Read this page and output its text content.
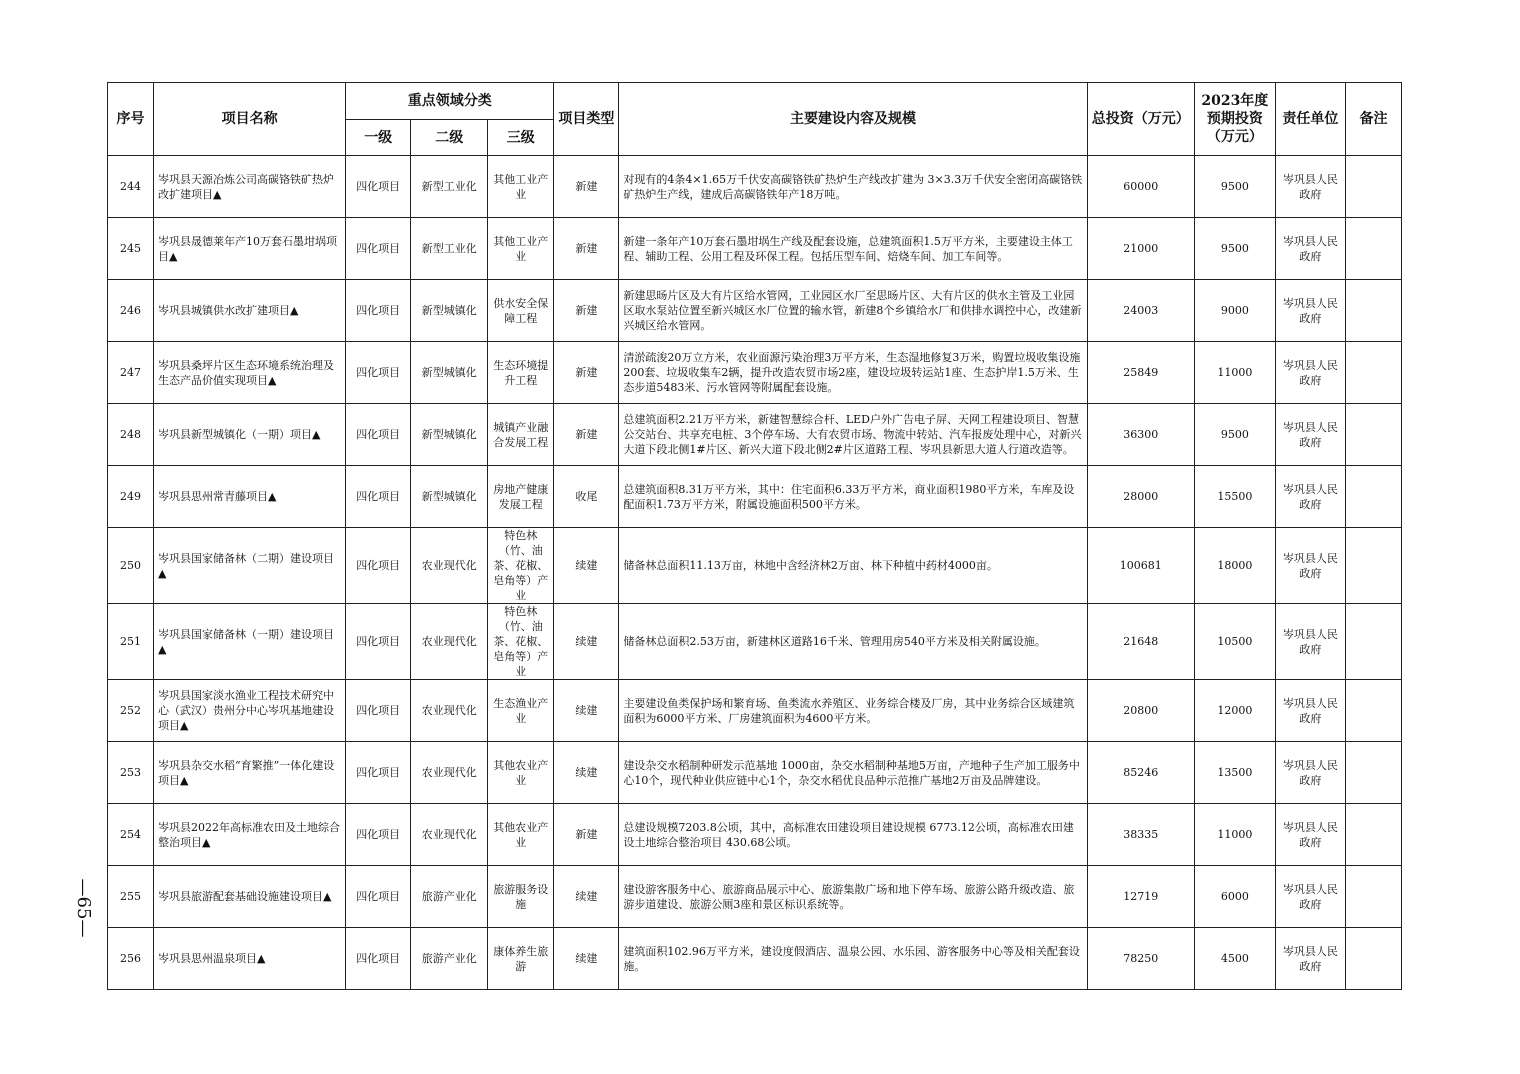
序号	项目名称	重点领域分类			项目类型	主要建设内容及规模	总投资（万元）	2023年度预期投资（万元）	责任单位	备注
		一级	二级	三级						
244	岑巩县天源冶炼公司高碳铬铁矿热炉改扩建项目▲	四化项目	新型工业化	其他工业产业	新建	对现有的4条4×1.65万千伏安高碳铬铁矿热炉生产线改扩建为 3×3.3万千伏安全密闭高碳铬铁矿热炉生产线，建成后高碳铬铁年产18万吨。	60000	9500	岑巩县人民政府	
245	岑巩县晟德莱年产10万套石墨坩埚项目▲	四化项目	新型工业化	其他工业产业	新建	新建一条年产10万套石墨坩埚生产线及配套设施，总建筑面积1.5万平方米，主要建设主体工程、辅助工程、公用工程及环保工程。包括压型车间、焙烧车间、加工车间等。	21000	9500	岑巩县人民政府	
246	岑巩县城镇供水改扩建项目▲	四化项目	新型城镇化	供水安全保障工程	新建	新建思旸片区及大有片区给水管网，工业园区水厂至思旸片区、大有片区的供水主管及工业园区取水泵站位置至新兴城区水厂位置的输水管，新建8个乡镇给水厂和供排水调控中心，改建新兴城区给水管网。	24003	9000	岑巩县人民政府	
247	岑巩县桑坪片区生态环境系统治理及生态产品价值实现项目▲	四化项目	新型城镇化	生态环境提升工程	新建	清淤疏浚20万立方米，农业面源污染治理3万平方米，生态湿地修复3万米，购置垃圾收集设施200套、垃圾收集车2辆，提升改造农贸市场2座，建设垃圾转运站1座、生态护岸1.5万米、生态步道5483米、污水管网等附属配套设施。	25849	11000	岑巩县人民政府	
248	岑巩县新型城镇化（一期）项目▲	四化项目	新型城镇化	城镇产业融合发展工程	新建	总建筑面积2.21万平方米，新建智慧综合杆、LED户外广告电子屏、天网工程建设项目、智慧公交站台、共享充电桩、3个停车场、大有农贸市场、物流中转站、汽车报废处理中心，对新兴大道下段北侧1#片区、新兴大道下段北侧2#片区道路工程、岑巩县新思大道人行道改造等。	36300	9500	岑巩县人民政府	
249	岑巩县思州常青藤项目▲	四化项目	新型城镇化	房地产健康发展工程	收尾	总建筑面积8.31万平方米，其中：住宅面积6.33万平方米，商业面积1980平方米，车库及设配面积1.73万平方米，附属设施面积500平方米。	28000	15500	岑巩县人民政府	
250	岑巩县国家储备林（二期）建设项目▲	四化项目	农业现代化	特色林（竹、油茶、花椒、皂角等）产业	续建	储备林总面积11.13万亩，林地中含经济林2万亩、林下种植中药材4000亩。	100681	18000	岑巩县人民政府	
251	岑巩县国家储备林（一期）建设项目▲	四化项目	农业现代化	特色林（竹、油茶、花椒、皂角等）产业	续建	储备林总面积2.53万亩，新建林区道路16千米、管理用房540平方米及相关附属设施。	21648	10500	岑巩县人民政府	
252	岑巩县国家淡水渔业工程技术研究中心（武汉）贵州分中心岑巩基地建设项目▲	四化项目	农业现代化	生态渔业产业	续建	主要建设鱼类保护场和繁育场、鱼类流水养殖区、业务综合楼及厂房，其中业务综合区域建筑面积为6000平方米、厂房建筑面积为4600平方米。	20800	12000	岑巩县人民政府	
253	岑巩县杂交水稻“育繁推”一体化建设项目▲	四化项目	农业现代化	其他农业产业	续建	建设杂交水稻制种研发示范基地 1000亩，杂交水稻制种基地5万亩，产地种子生产加工服务中心10个，现代种业供应链中心1个，杂交水稻优良品种示范推广基地2万亩及品牌建设。	85246	13500	岑巩县人民政府	
254	岑巩县2022年高标准农田及土地综合整治项目▲	四化项目	农业现代化	其他农业产业	新建	总建设规模7203.8公顷，其中，高标准农田建设项目建设规模 6773.12公顷，高标准农田建设土地综合整治项目 430.68公顷。	38335	11000	岑巩县人民政府	
255	岑巩县旅游配套基础设施建设项目▲	四化项目	旅游产业化	旅游服务设施	续建	建设游客服务中心、旅游商品展示中心、旅游集散广场和地下停车场、旅游公路升级改造、旅游步道建设、旅游公厕3座和景区标识系统等。	12719	6000	岑巩县人民政府	
256	岑巩县思州温泉项目▲	四化项目	旅游产业化	康体养生旅游	续建	建筑面积102.96万平方米，建设度假酒店、温泉公园、水乐园、游客服务中心等及相关配套设施。	78250	4500	岑巩县人民政府	
—65—
